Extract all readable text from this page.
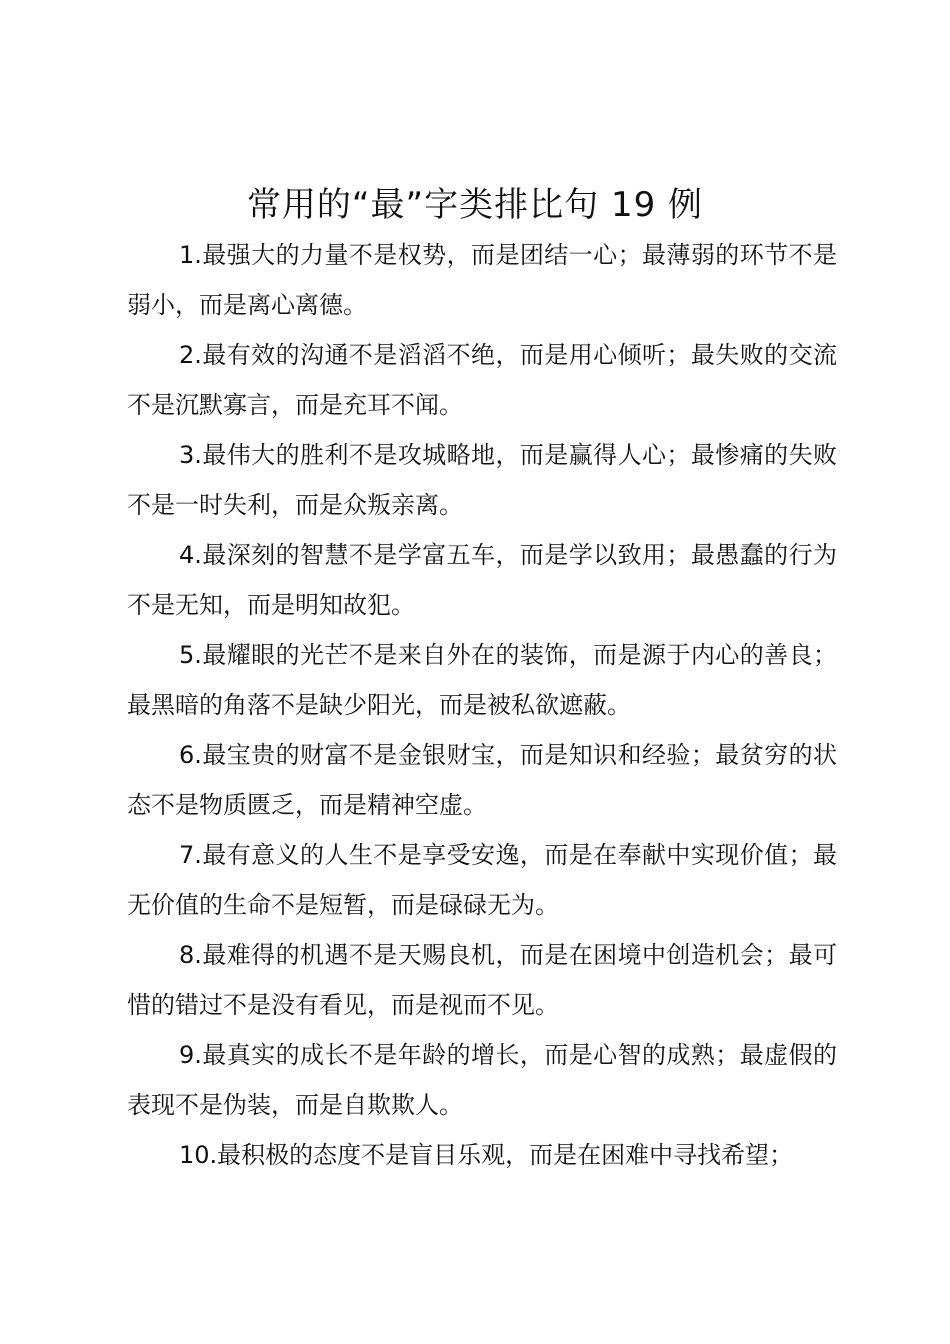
常用的“最”字类排比句 19 例

1.最强大的力量不是权势，而是团结一心；最薄弱的环节不是弱小，而是离心离德。

2.最有效的沟通不是滔滔不绝，而是用心倾听；最失败的交流不是沉默寡言，而是充耳不闻。

3.最伟大的胜利不是攻城略地，而是赢得人心；最惨痛的失败不是一时失利，而是众叛亲离。

4.最深刻的智慧不是学富五车，而是学以致用；最愚蠢的行为不是无知，而是明知故犯。

5.最耀眼的光芒不是来自外在的装饰，而是源于内心的善良；最黑暗的角落不是缺少阳光，而是被私欲遮蔽。

6.最宝贵的财富不是金银财宝，而是知识和经验；最贫穷的状态不是物质匮乏，而是精神空虚。

7.最有意义的人生不是享受安逸，而是在奉献中实现价值；最无价值的生命不是短暂，而是碌碌无为。

8.最难得的机遇不是天赐良机，而是在困境中创造机会；最可惜的错过不是没有看见，而是视而不见。

9.最真实的成长不是年龄的增长，而是心智的成熟；最虚假的表现不是伪装，而是自欺欺人。

10.最积极的态度不是盲目乐观，而是在困难中寻找希望；
